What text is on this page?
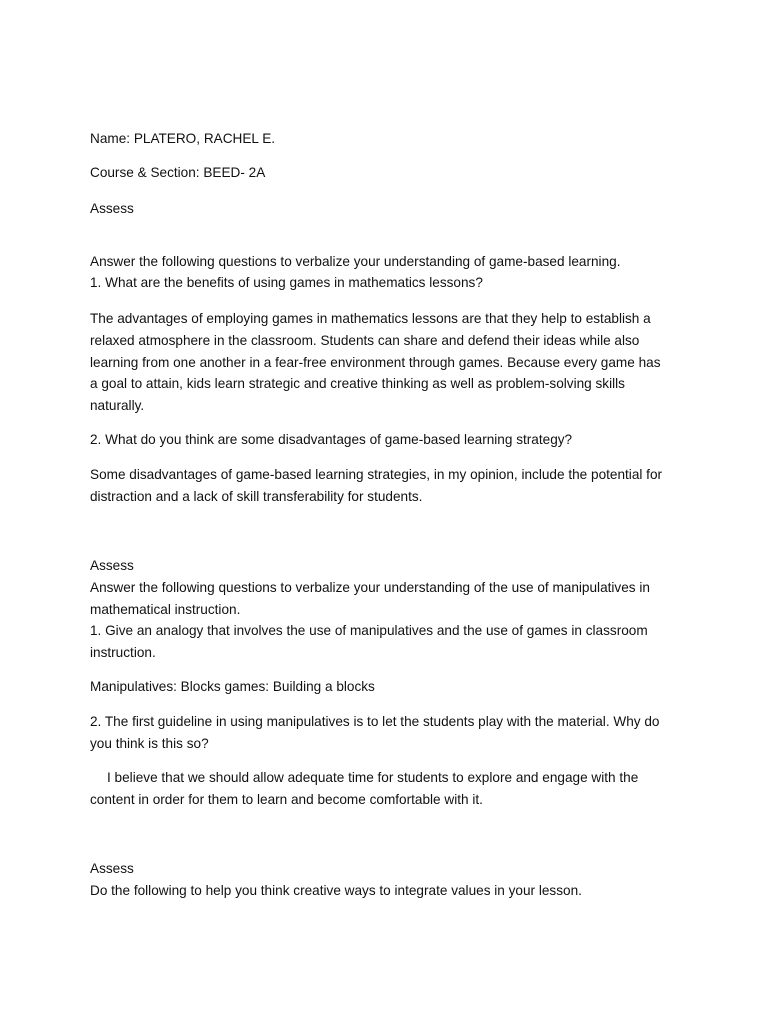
Name: PLATERO, RACHEL E.

Course & Section: BEED- 2A

Assess

Answer the following questions to verbalize your understanding of game-based learning.

1. What are the benefits of using games in mathematics lessons?

The advantages of employing games in mathematics lessons are that they help to establish a
relaxed atmosphere in the classroom. Students can share and defend their ideas while also
learning from one another in a fear-free environment through games. Because every game has
a goal to attain, kids learn strategic and creative thinking as well as problem-solving skills
naturally.

2. What do you think are some disadvantages of game-based learning strategy?

Some disadvantages of game-based learning strategies, in my opinion, include the potential for
distraction and a lack of skill transferability for students.

Assess

Answer the following questions to verbalize your understanding of the use of manipulatives in
mathematical instruction.
1. Give an analogy that involves the use of manipulatives and the use of games in classroom
instruction.

Manipulatives: Blocks games: Building a blocks

2. The first guideline in using manipulatives is to let the students play with the material. Why do
you think is this so?
I believe that we should allow adequate time for students to explore and engage with the
content in order for them to learn and become comfortable with it.

Assess

Do the following to help you think creative ways to integrate values in your lesson.
